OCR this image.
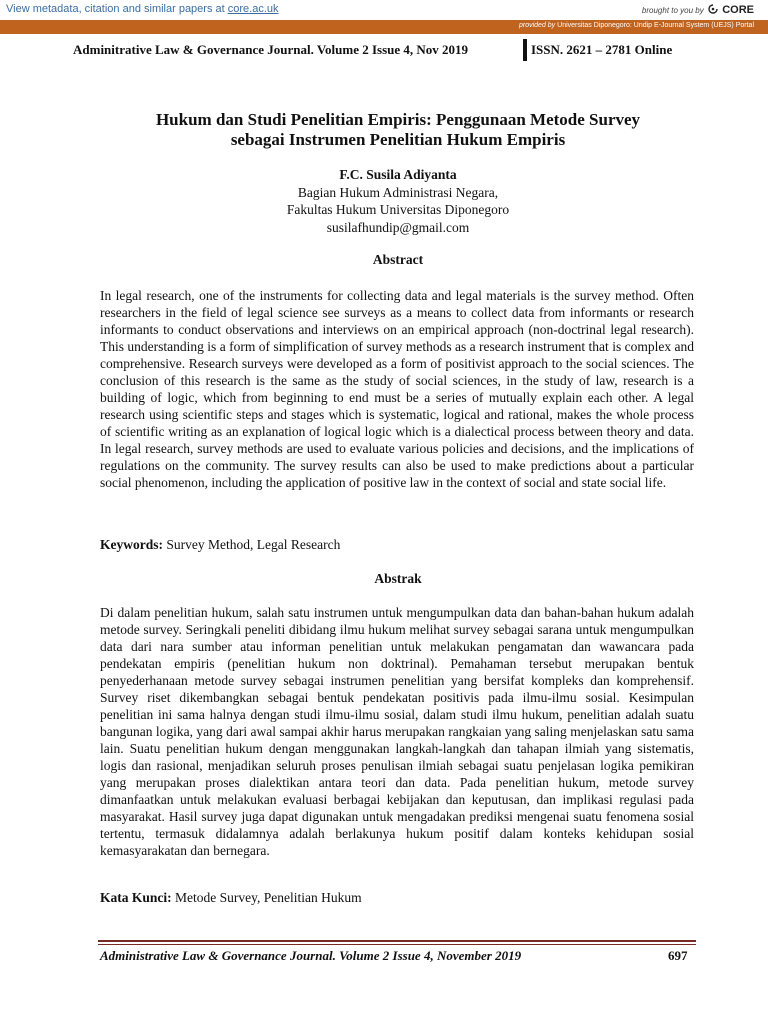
View metadata, citation and similar papers at core.ac.uk	brought to you by CORE
provided by Universitas Diponegoro: Undip E-Journal System (UEJS) Portal
Adminitrative Law & Governance Journal. Volume 2 Issue 4, Nov 2019	ISSN. 2621 – 2781 Online
Hukum dan Studi Penelitian Empiris: Penggunaan Metode Survey
sebagai Instrumen Penelitian Hukum Empiris
F.C. Susila Adiyanta
Bagian Hukum Administrasi Negara,
Fakultas Hukum Universitas Diponegoro
susilafhundip@gmail.com
Abstract

In legal research, one of the instruments for collecting data and legal materials is the survey method. Often researchers in the field of legal science see surveys as a means to collect data from informants or research informants to conduct observations and interviews on an empirical approach (non-doctrinal legal research). This understanding is a form of simplification of survey methods as a research instrument that is complex and comprehensive. Research surveys were developed as a form of positivist approach to the social sciences. The conclusion of this research is the same as the study of social sciences, in the study of law, research is a building of logic, which from beginning to end must be a series of mutually explain each other. A legal research using scientific steps and stages which is systematic, logical and rational, makes the whole process of scientific writing as an explanation of logical logic which is a dialectical process between theory and data. In legal research, survey methods are used to evaluate various policies and decisions, and the implications of regulations on the community. The survey results can also be used to make predictions about a particular social phenomenon, including the application of positive law in the context of social and state social life.

Keywords: Survey Method, Legal Research
Abstrak

Di dalam penelitian hukum, salah satu instrumen untuk mengumpulkan data dan bahan-bahan hukum adalah metode survey. Seringkali peneliti dibidang ilmu hukum melihat survey sebagai sarana untuk mengumpulkan data dari nara sumber atau informan penelitian untuk melakukan pengamatan dan wawancara pada pendekatan empiris (penelitian hukum non doktrinal). Pemahaman tersebut merupakan bentuk penyederhanaan metode survey sebagai instrumen penelitian yang bersifat kompleks dan komprehensif. Survey riset dikembangkan sebagai bentuk pendekatan positivis pada ilmu-ilmu sosial. Kesimpulan penelitian ini sama halnya dengan studi ilmu-ilmu sosial, dalam studi ilmu hukum, penelitian adalah suatu bangunan logika, yang dari awal sampai akhir harus merupakan rangkaian yang saling menjelaskan satu sama lain. Suatu penelitian hukum dengan menggunakan langkah-langkah dan tahapan ilmiah yang sistematis, logis dan rasional, menjadikan seluruh proses penulisan ilmiah sebagai suatu penjelasan logika pemikiran yang merupakan proses dialektikan antara teori dan data. Pada penelitian hukum, metode survey dimanfaatkan untuk melakukan evaluasi berbagai kebijakan dan keputusan, dan implikasi regulasi pada masyarakat. Hasil survey juga dapat digunakan untuk mengadakan prediksi mengenai suatu fenomena sosial tertentu, termasuk didalamnya adalah berlakunya hukum positif dalam konteks kehidupan sosial kemasyarakatan dan bernegara.

Kata Kunci: Metode Survey, Penelitian Hukum
Administrative Law & Governance Journal. Volume 2 Issue 4, November 2019	697
